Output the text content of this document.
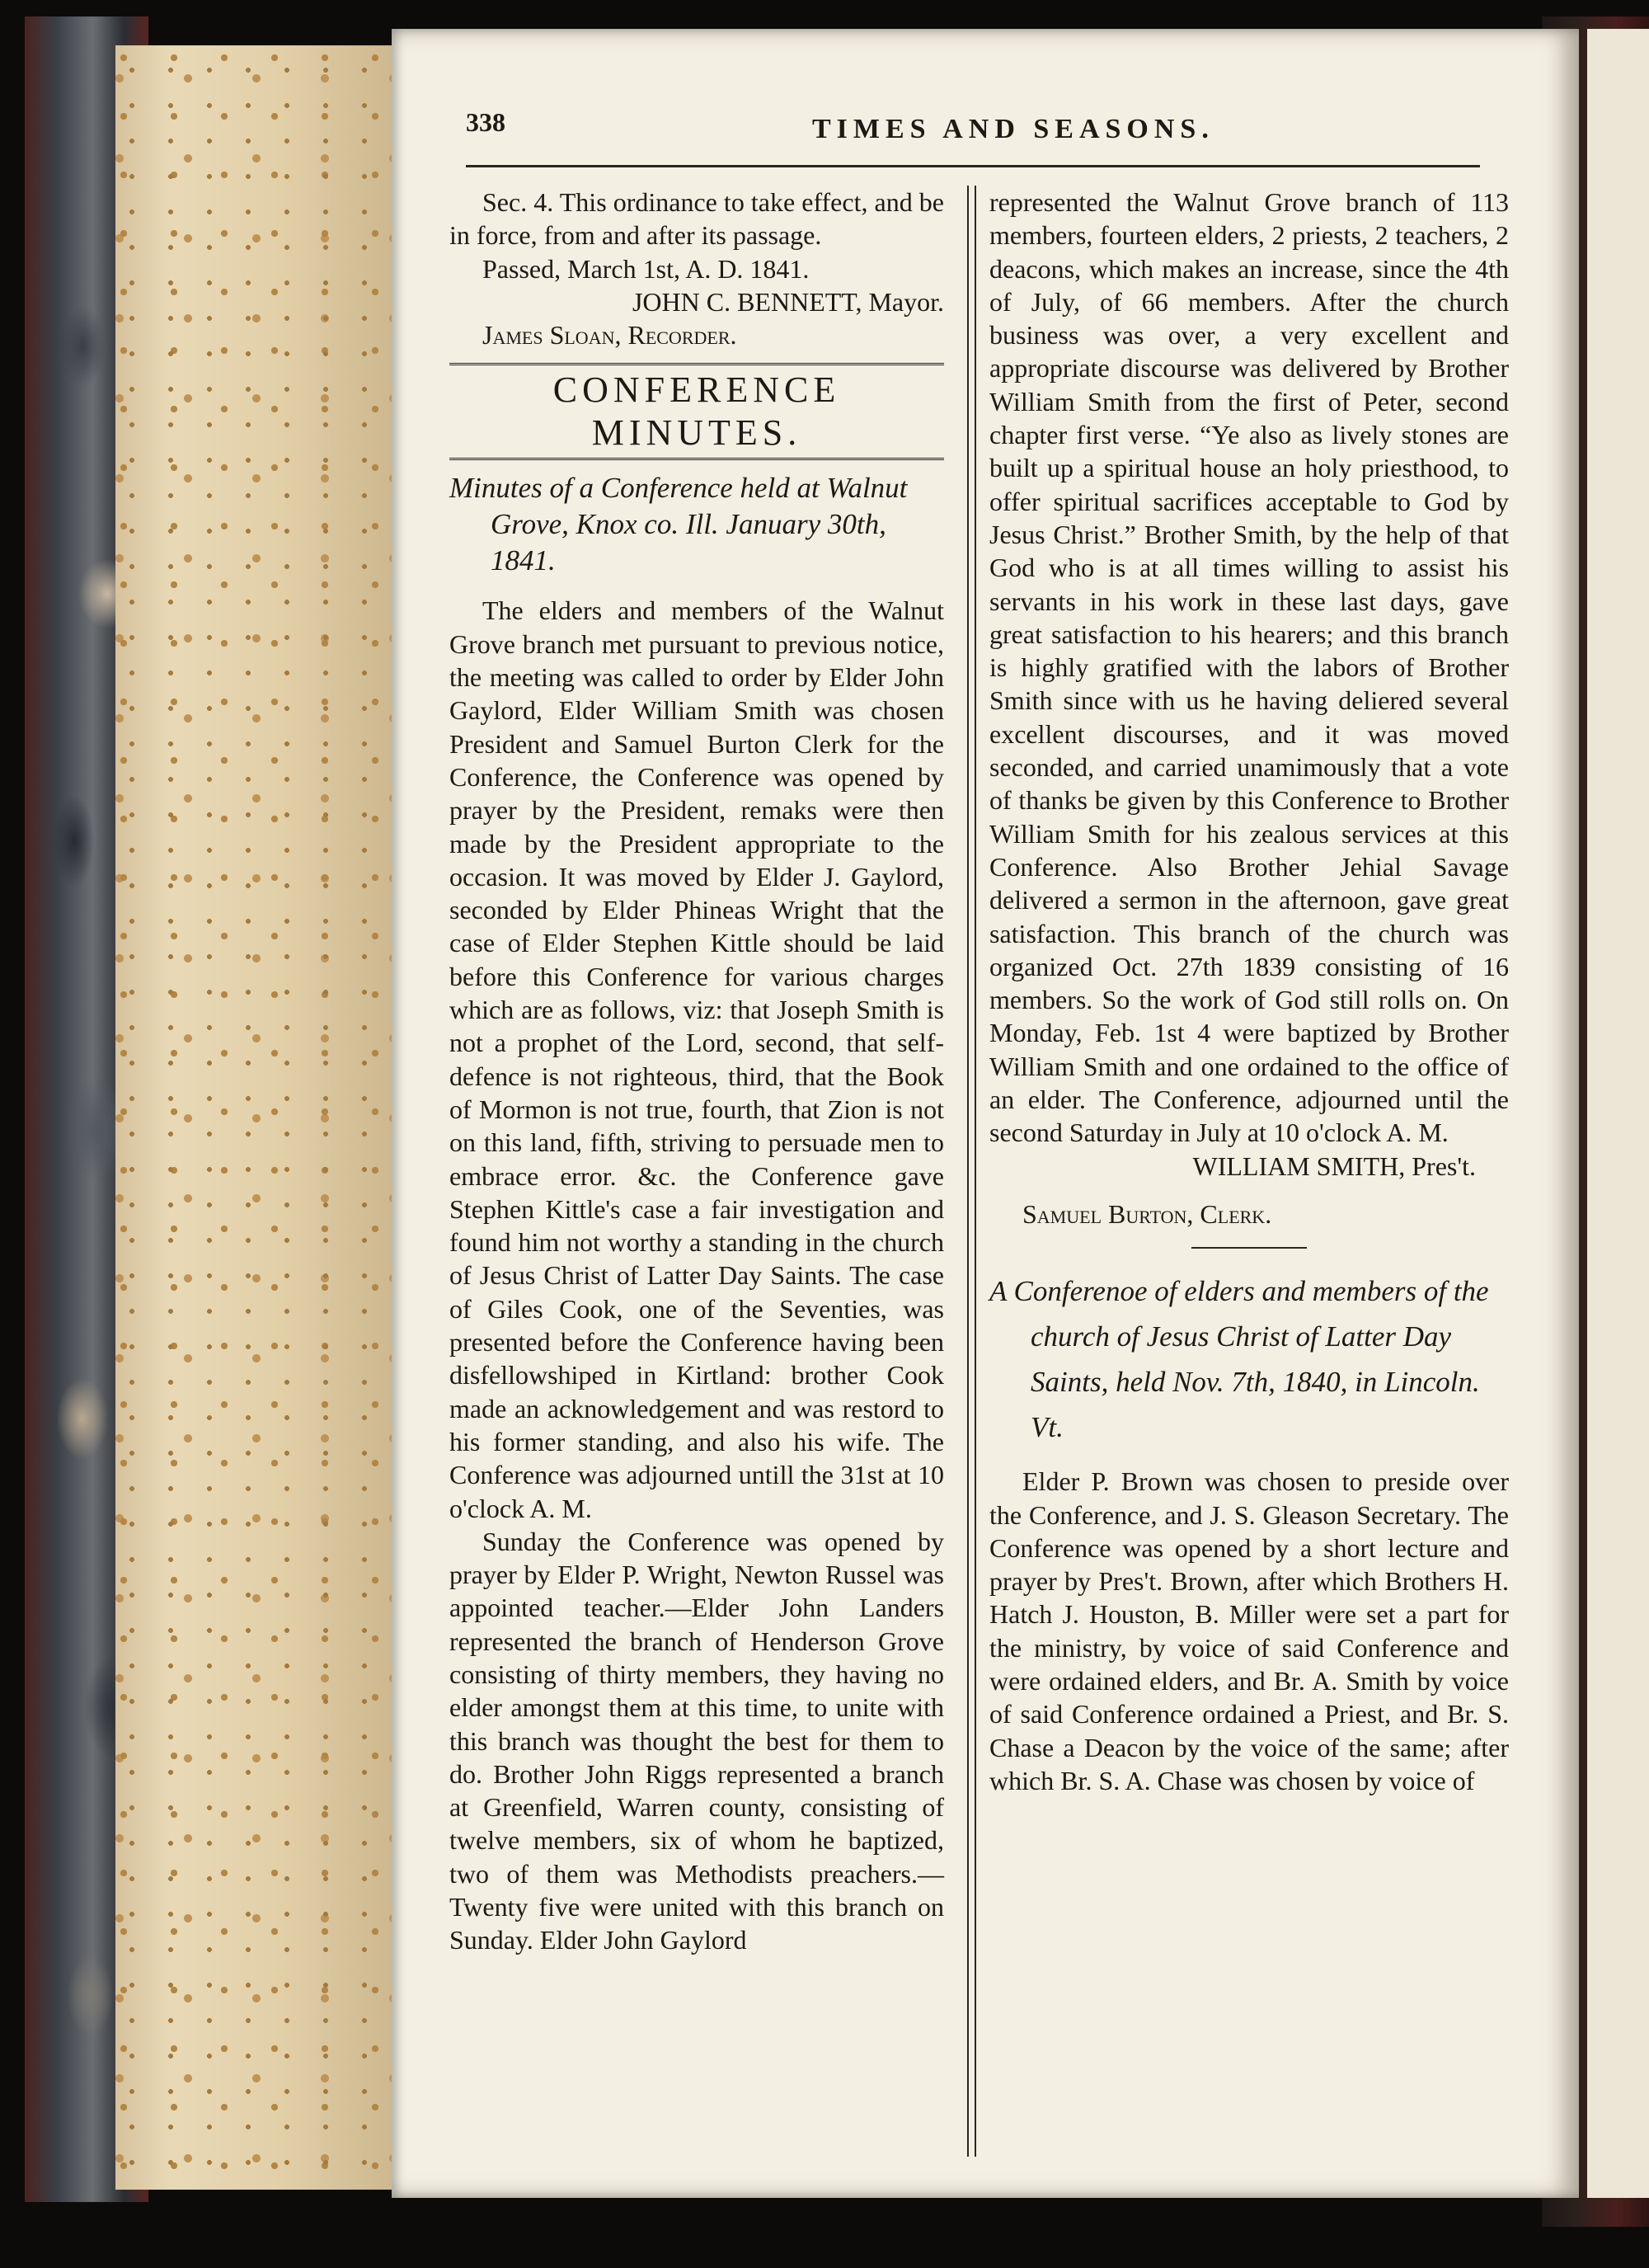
338	TIMES AND SEASONS.

Sec. 4. This ordinance to take effect, and be in force, from and after its passage.

Passed, March 1st, A. D. 1841.

JOHN C. BENNETT, Mayor.

James Sloan, Recorder.

CONFERENCE MINUTES.

Minutes of a Conference held at Walnut Grove, Knox co. Ill. January 30th, 1841.

The elders and members of the Walnut Grove branch met pursuant to previous notice, the meeting was called to order by Elder John Gaylord, Elder William Smith was chosen President and Samuel Burton Clerk for the Conference, the Conference was opened by prayer by the President, remaks were then made by the President appropriate to the occasion. It was moved by Elder J. Gaylord, seconded by Elder Phineas Wright that the case of Elder Stephen Kittle should be laid before this Conference for various charges which are as follows, viz: that Joseph Smith is not a prophet of the Lord, second, that self-defence is not righteous, third, that the Book of Mormon is not true, fourth, that Zion is not on this land, fifth, striving to persuade men to embrace error. &c. the Conference gave Stephen Kittle's case a fair investigation and found him not worthy a standing in the church of Jesus Christ of Latter Day Saints. The case of Giles Cook, one of the Seventies, was presented before the Conference having been disfellowshiped in Kirtland: brother Cook made an acknowledgement and was restord to his former standing, and also his wife. The Conference was adjourned untill the 31st at 10 o'clock A. M.

Sunday the Conference was opened by prayer by Elder P. Wright, Newton Russel was appointed teacher.—Elder John Landers represented the branch of Henderson Grove consisting of thirty members, they having no elder amongst them at this time, to unite with this branch was thought the best for them to do. Brother John Riggs represented a branch at Greenfield, Warren county, consisting of twelve members, six of whom he baptized, two of them was Methodists preachers.—Twenty five were united with this branch on Sunday. Elder John Gaylord

represented the Walnut Grove branch of 113 members, fourteen elders, 2 priests, 2 teachers, 2 deacons, which makes an increase, since the 4th of July, of 66 members. After the church business was over, a very excellent and appropriate discourse was delivered by Brother William Smith from the first of Peter, second chapter first verse. “Ye also as lively stones are built up a spiritual house an holy priesthood, to offer spiritual sacrifices acceptable to God by Jesus Christ.” Brother Smith, by the help of that God who is at all times willing to assist his servants in his work in these last days, gave great satisfaction to his hearers; and this branch is highly gratified with the labors of Brother Smith since with us he having deliered several excellent discourses, and it was moved seconded, and carried unamimously that a vote of thanks be given by this Conference to Brother William Smith for his zealous services at this Conference. Also Brother Jehial Savage delivered a sermon in the afternoon, gave great satisfaction. This branch of the church was organized Oct. 27th 1839 consisting of 16 members. So the work of God still rolls on. On Monday, Feb. 1st 4 were baptized by Brother William Smith and one ordained to the office of an elder. The Conference, adjourned until the second Saturday in July at 10 o'clock A. M.

WILLIAM SMITH, Pres't.

Samuel Burton, Clerk.

A Conferenoe of elders and members of the church of Jesus Christ of Latter Day Saints, held Nov. 7th, 1840, in Lincoln. Vt.

Elder P. Brown was chosen to preside over the Conference, and J. S. Gleason Secretary. The Conference was opened by a short lecture and prayer by Pres't. Brown, after which Brothers H. Hatch J. Houston, B. Miller were set a part for the ministry, by voice of said Conference and were ordained elders, and Br. A. Smith by voice of said Conference ordained a Priest, and Br. S. Chase a Deacon by the voice of the same; after which Br. S. A. Chase was chosen by voice of
